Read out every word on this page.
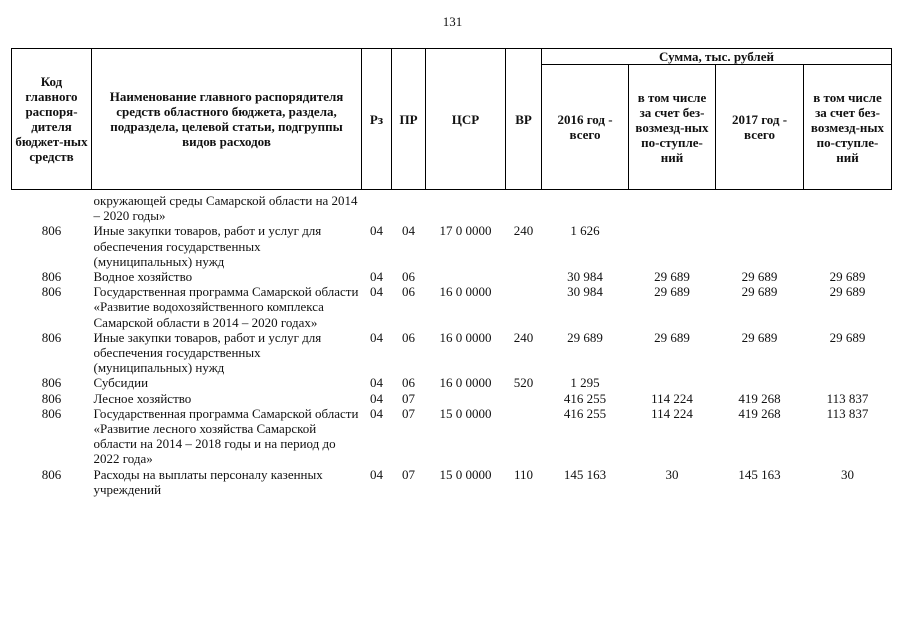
131
Код главного распоря-дителя бюджет-ных средств	Наименование главного распорядителя средств областного бюджета, раздела, подраздела, целевой статьи, подгруппы видов расходов	Рз	ПР	ЦСР	ВР	Сумма, тыс. рублей			
						2016 год - всего	в том числе за счет без-возмезд-ных по-ступле-ний	2017 год - всего	в том числе за счет без-возмезд-ных по-ступле-ний
	окружающей среды Самарской области на 2014 – 2020 годы»								
806	Иные закупки товаров, работ и услуг для обеспечения государственных (муниципальных) нужд	04	04	17 0 0000	240	1 626			
806	Водное хозяйство	04	06			30 984	29 689	29 689	29 689
806	Государственная программа Самарской области «Развитие водохозяйственного комплекса Самарской области в 2014 – 2020 годах»	04	06	16 0 0000		30 984	29 689	29 689	29 689
806	Иные закупки товаров, работ и услуг для обеспечения государственных (муниципальных) нужд	04	06	16 0 0000	240	29 689	29 689	29 689	29 689
806	Субсидии	04	06	16 0 0000	520	1 295			
806	Лесное хозяйство	04	07			416 255	114 224	419 268	113 837
806	Государственная программа Самарской области «Развитие лесного хозяйства Самарской области на 2014 – 2018 годы и на период до 2022 года»	04	07	15 0 0000		416 255	114 224	419 268	113 837
806	Расходы на выплаты персоналу казенных учреждений	04	07	15 0 0000	110	145 163	30	145 163	30
